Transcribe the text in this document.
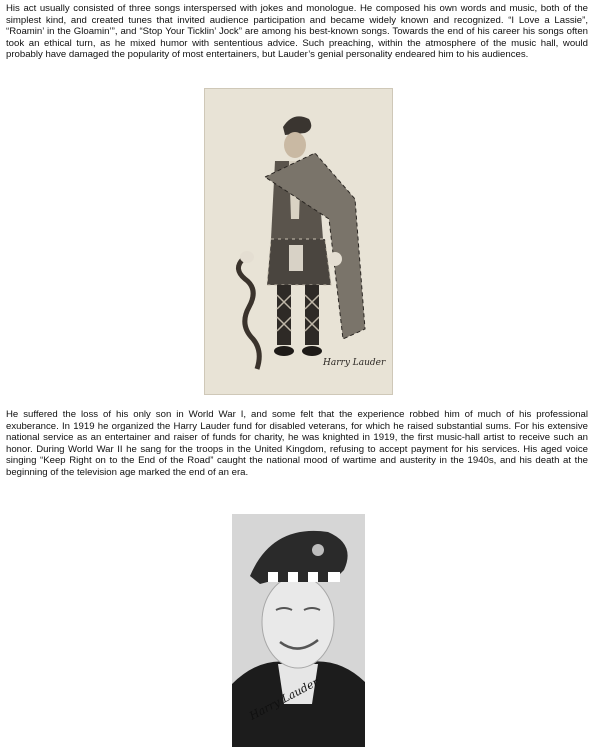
His act usually consisted of three songs interspersed with jokes and monologue. He composed his own words and music, both of the simplest kind, and created tunes that invited audience participation and became widely known and recognized. “I Love a Lassie”, “Roamin’ in the Gloamin’”, and “Stop Your Ticklin’ Jock” are among his best-known songs. Towards the end of his career his songs often took an ethical turn, as he mixed humor with sententious advice. Such preaching, within the atmosphere of the music hall, would probably have damaged the popularity of most entertainers, but Lauder’s genial personality endeared him to his audiences.

Harry Lauder

He suffered the loss of his only son in World War I, and some felt that the experience robbed him of much of his professional exuberance. In 1919 he organized the Harry Lauder fund for disabled veterans, for which he raised substantial sums. For his extensive national service as an entertainer and raiser of funds for charity, he was knighted in 1919, the first music-hall artist to receive such an honor. During World War II he sang for the troops in the United Kingdom, refusing to accept payment for his services. His aged voice singing “Keep Right on to the End of the Road” caught the national mood of wartime and austerity in the 1940s, and his death at the beginning of the television age marked the end of an era.

Harry Lauder
